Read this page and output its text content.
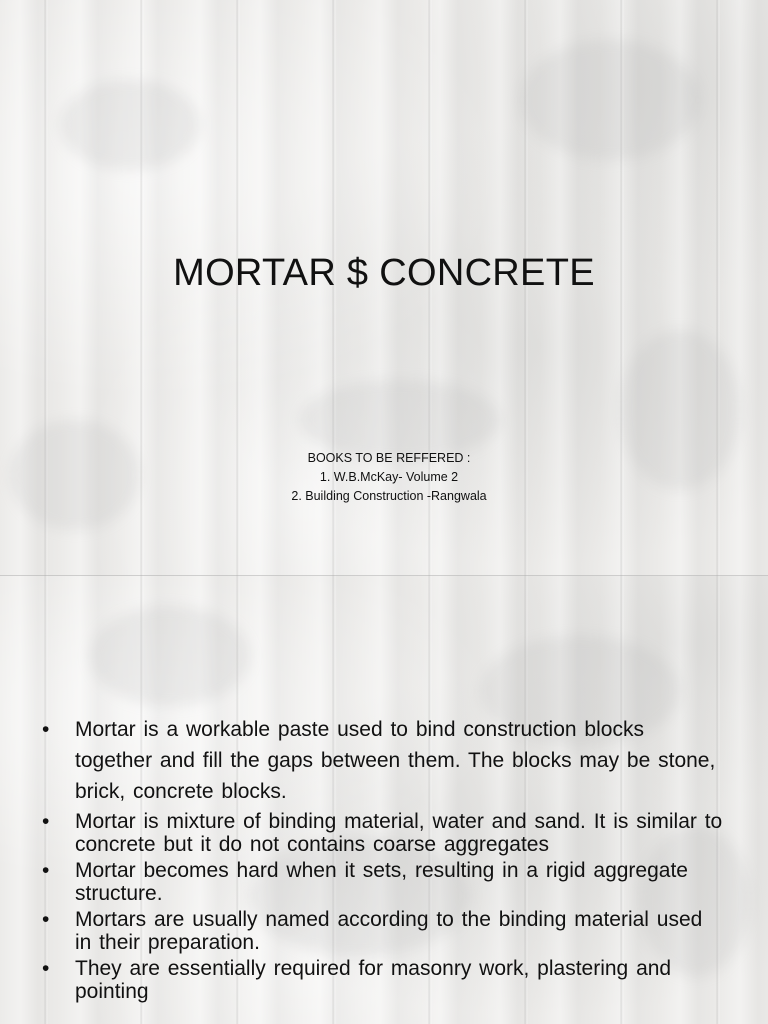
MORTAR $ CONCRETE
BOOKS TO BE REFFERED :
1. W.B.McKay- Volume 2
2. Building Construction -Rangwala
• Mortar is a workable paste used to bind construction blocks together and fill the gaps between them. The blocks may be stone, brick, concrete blocks.
• Mortar is mixture of binding material, water and sand. It is similar to concrete but it do not contains coarse aggregates
• Mortar becomes hard when it sets, resulting in a rigid aggregate structure.
• Mortars are usually named according to the binding material used in their preparation.
• They are essentially required for masonry work, plastering and pointing
